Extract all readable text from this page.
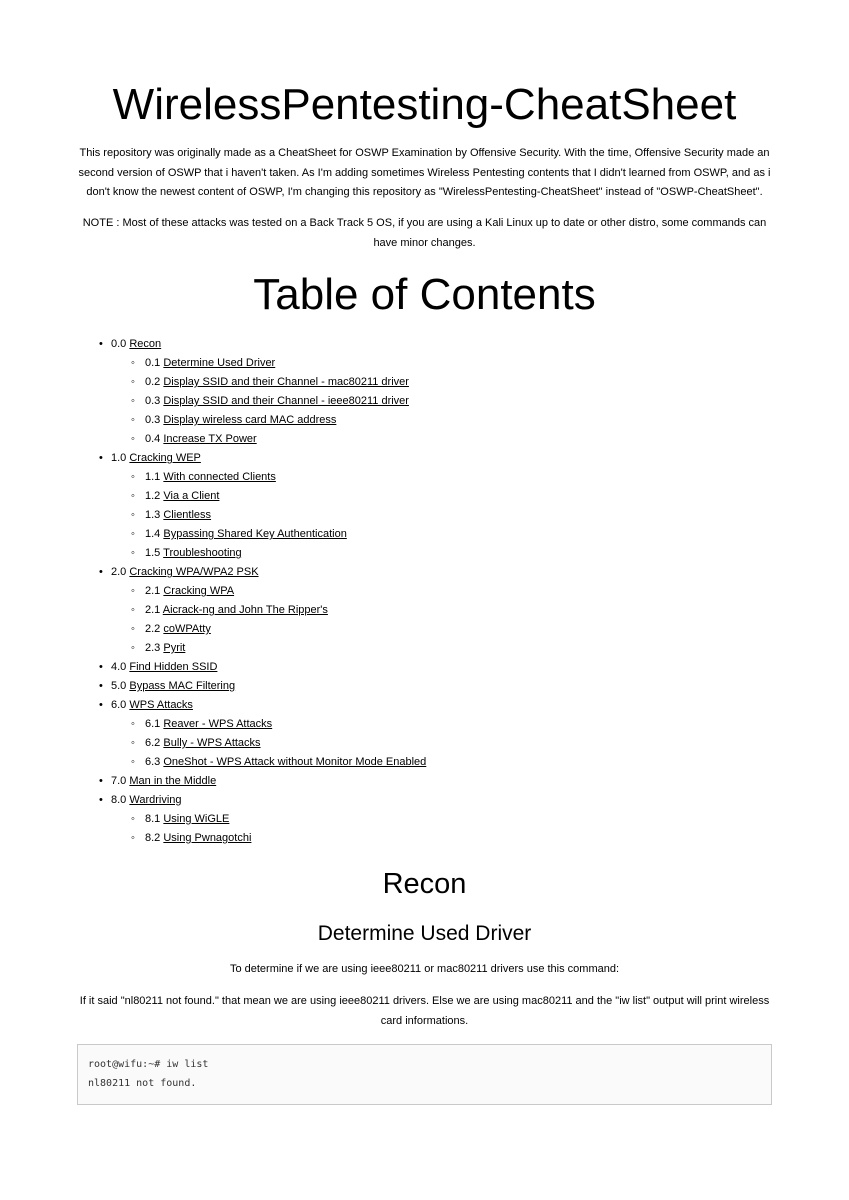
WirelessPentesting-CheatSheet

This repository was originally made as a CheatSheet for OSWP Examination by Offensive Security. With the time, Offensive Security made an second version of OSWP that i haven't taken. As I'm adding sometimes Wireless Pentesting contents that I didn't learned from OSWP, and as i don't know the newest content of OSWP, I'm changing this repository as "WirelessPentesting-CheatSheet" instead of "OSWP-CheatSheet".

NOTE : Most of these attacks was tested on a Back Track 5 OS, if you are using a Kali Linux up to date or other distro, some commands can have minor changes.

Table of Contents
• 0.0 Recon
◦ 0.1 Determine Used Driver
◦ 0.2 Display SSID and their Channel - mac80211 driver
◦ 0.3 Display SSID and their Channel - ieee80211 driver
◦ 0.3 Display wireless card MAC address
◦ 0.4 Increase TX Power
• 1.0 Cracking WEP
◦ 1.1 With connected Clients
◦ 1.2 Via a Client
◦ 1.3 Clientless
◦ 1.4 Bypassing Shared Key Authentication
◦ 1.5 Troubleshooting
• 2.0 Cracking WPA/WPA2 PSK
◦ 2.1 Cracking WPA
◦ 2.1 Aicrack-ng and John The Ripper's
◦ 2.2 coWPAtty
◦ 2.3 Pyrit
• 4.0 Find Hidden SSID
• 5.0 Bypass MAC Filtering
• 6.0 WPS Attacks
◦ 6.1 Reaver - WPS Attacks
◦ 6.2 Bully - WPS Attacks
◦ 6.3 OneShot - WPS Attack without Monitor Mode Enabled
• 7.0 Man in the Middle
• 8.0 Wardriving
◦ 8.1 Using WiGLE
◦ 8.2 Using Pwnagotchi
Recon
Determine Used Driver

To determine if we are using ieee80211 or mac80211 drivers use this command:

If it said "nl80211 not found." that mean we are using ieee80211 drivers. Else we are using mac80211 and the "iw list" output will print wireless card informations.

root@wifu:~# iw list
nl80211 not found.
